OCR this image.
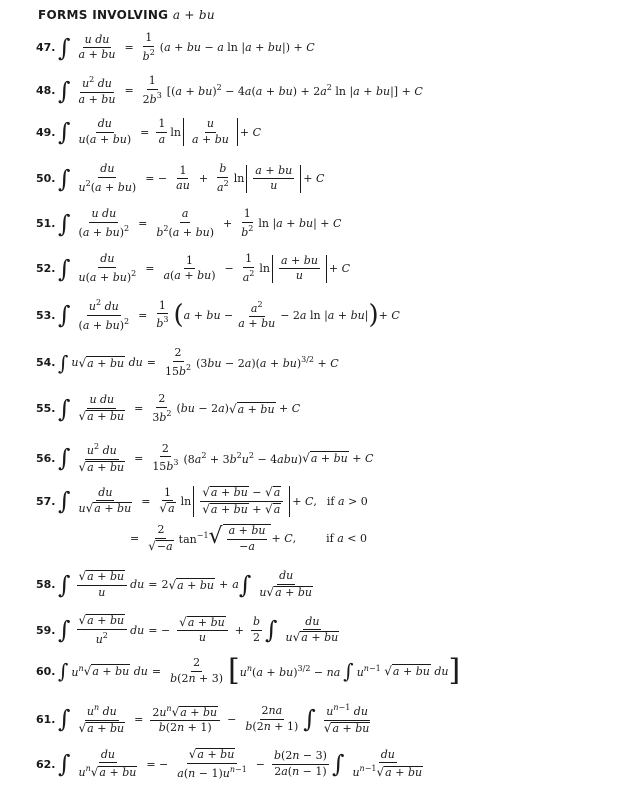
FORMS INVOLVING a + bu
47. ∫ $\frac{\text{u du}}{a + bu} = \frac{1}{b^2} (a$ + bu − a ln |a + bu|) + C
48. ∫ $\frac{u^2 du}{a + bu} = \frac{1}{2b^3} [(a + bu)^2 - 4a(a + bu) + 2a^2$ ln |a + bu|] + C
49. ∫ $\frac{du}{u(a + bu)} = \frac{1}{a}$ $\ln \frac{u}{a + bu} + C$
50. ∫ $\frac{du}{u^2(a + bu)}$ = − $\frac{1}{au} + \frac{b}{a^2}$ $\ln \frac{a + bu}{u} + C$
51. ∫ $\frac{\text{u du}}{(a + bu)^2} = \frac{a}{b^2(a + bu)} + \frac{1}{b^2}$ ln |a + bu| + C
52. ∫ $\frac{du}{u(a + bu)^2} = \frac{1}{a(a + bu)} - \frac{1}{a^2}$ $\ln \frac{a + bu}{u} + C$
53. ∫ $\frac{u^2 du}{(a + bu)^2} = \frac{1}{b^3}$ ( a + bu − $\frac{a^2}{a + bu} - 2a$ ln |a + bu| ) + C
54. ∫ u √ a + bu du = $\frac{2}{15b^2} (3bu - 2a)(a + bu)^{3/2} + C$
55. ∫ $\frac{\text{u du}}{√ a + bu} = \frac{2}{3b^2} (bu - 2a)$ √ a + bu + C
56. ∫ $\frac{u^2 du}{√ a + bu} = \frac{2}{15b^3} (8a^2 + 3b^2u^2 - 4abu)$ √ a + bu + C
57. ∫ $\frac{du}{u √ a + bu} = \frac{1}{√ a}$ $\ln \frac{√ a + bu - √ a}{√ a + bu + √ a} + C$, if a > 0
= $\frac{2}{√ -a} \tan^{-1}$ √ $\frac{a + bu}{-a} + C$,	if a < 0
58. ∫ $\frac{√ a + bu}{u}$ du = 2 √ a + bu + a ∫ $\frac{du}{u √ a + bu}$
59. ∫ $\frac{√ a + bu}{u^2}$ du = − $\frac{√ a + bu}{u} + \frac{b}{2}$ ∫ $\frac{du}{u √ a + bu}$
60. ∫ $u^n$ √ a + bu du = $\frac{2}{b(2n + 3)}$ [ $u^n(a + bu)^{3/2}$ − na ∫ $u^{n-1}$
√ a + bu du ]
61. ∫ $\frac{u^n du}{√ a + bu} = \frac{2u^n √ a + bu}{b(2n + 1)} - \frac{2na}{b(2n + 1)}$ ∫ $\frac{u^{n-1} du}{√ a + bu}$
62. ∫ $\frac{du}{u^n √ a + bu}$ = − $\frac{√ a + bu}{a(n - 1)u^{n-1}} - \frac{b(2n - 3)}{2a(n - 1)}$ ∫ $\frac{du}{u^{n-1} √ a + bu}$
